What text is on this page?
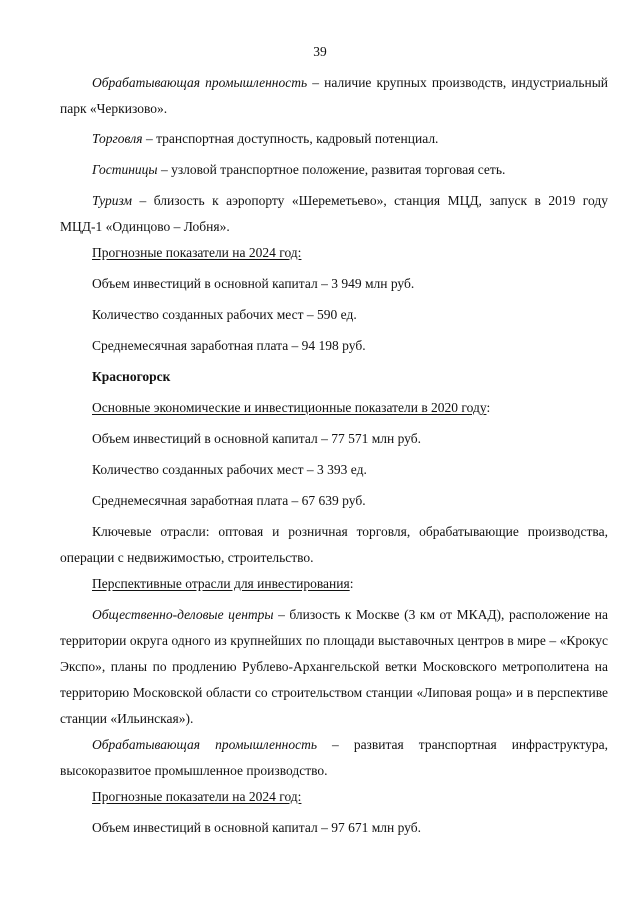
39
Обрабатывающая промышленность – наличие крупных производств, индустриальный парк «Черкизово».
Торговля – транспортная доступность, кадровый потенциал.
Гостиницы – узловой транспортное положение, развитая торговая сеть.
Туризм – близость к аэропорту «Шереметьево», станция МЦД, запуск в 2019 году МЦД-1 «Одинцово – Лобня».
Прогнозные показатели на 2024 год:
Объем инвестиций в основной капитал – 3 949 млн руб.
Количество созданных рабочих мест – 590 ед.
Среднемесячная заработная плата – 94 198 руб.
Красногорск
Основные экономические и инвестиционные показатели в 2020 году:
Объем инвестиций в основной капитал – 77 571 млн руб.
Количество созданных рабочих мест – 3 393 ед.
Среднемесячная заработная плата – 67 639 руб.
Ключевые отрасли: оптовая и розничная торговля, обрабатывающие производства, операции с недвижимостью, строительство.
Перспективные отрасли для инвестирования:
Общественно-деловые центры – близость к Москве (3 км от МКАД), расположение на территории округа одного из крупнейших по площади выставочных центров в мире – «Крокус Экспо», планы по продлению Рублево-Архангельской ветки Московского метрополитена на территорию Московской области со строительством станции «Липовая роща» и в перспективе станции «Ильинская»).
Обрабатывающая промышленность – развитая транспортная инфраструктура, высокоразвитое промышленное производство.
Прогнозные показатели на 2024 год:
Объем инвестиций в основной капитал – 97 671 млн руб.
